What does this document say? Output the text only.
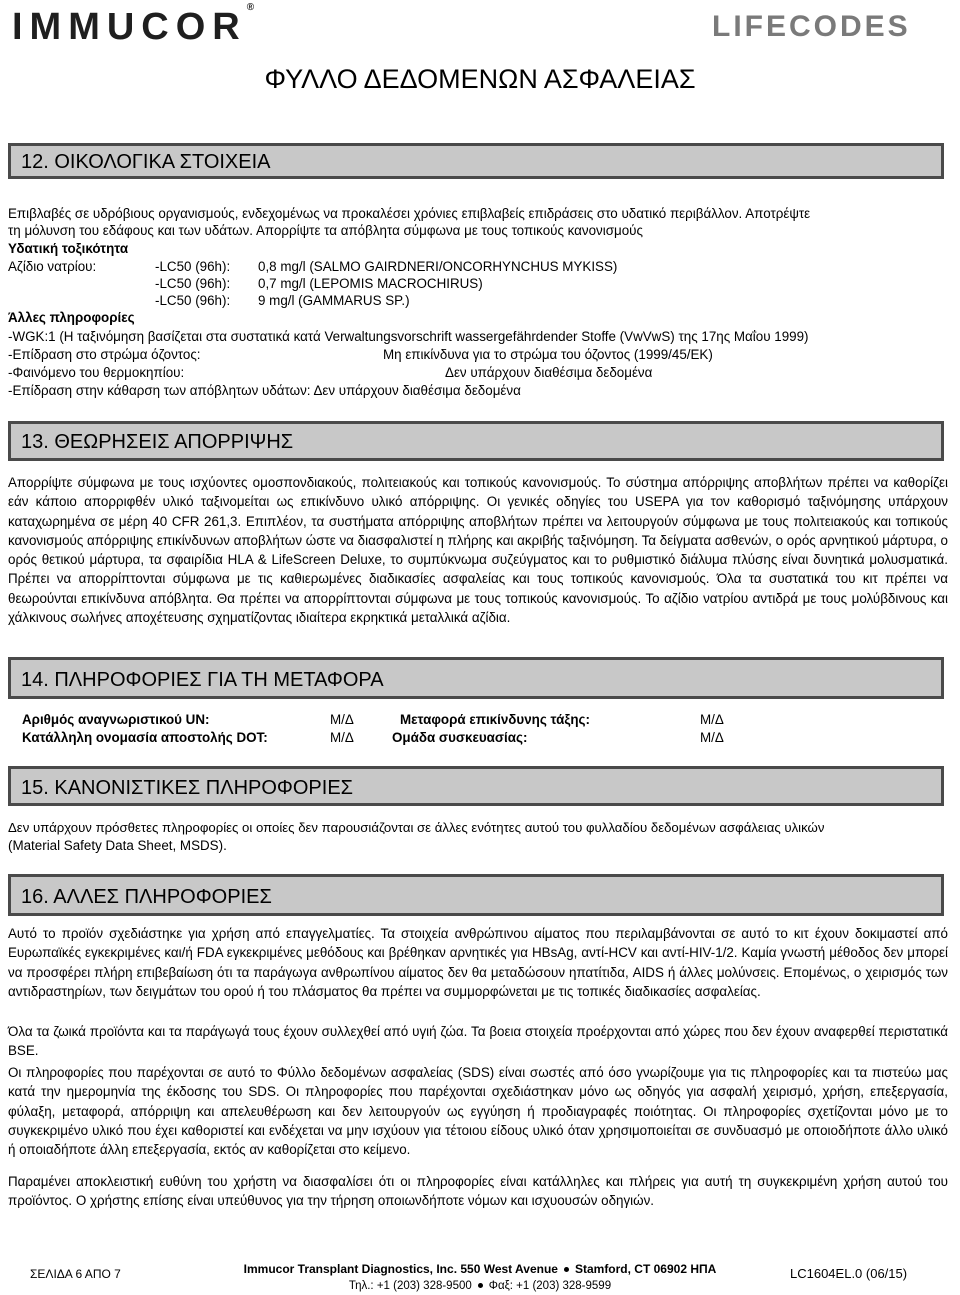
IMMUCOR®
LIFECODES
ΦΥΛΛΟ ΔΕΔΟΜΕΝΩΝ ΑΣΦΑΛΕΙΑΣ
12. ΟΙΚΟΛΟΓΙΚΑ ΣΤΟΙΧΕΙΑ
Επιβλαβές σε υδρόβιους οργανισμούς, ενδεχομένως να προκαλέσει χρόνιες επιβλαβείς επιδράσεις στο υδατικό περιβάλλον. Αποτρέψτε
τη μόλυνση του εδάφους και των υδάτων. Απορρίψτε τα απόβλητα σύμφωνα με τους τοπικούς κανονισμούς
Υδατική τοξικότητα
Αζίδιο νατρίου:	-LC50 (96h): 0,8 mg/l (SALMO GAIRDNERI/ONCORHYNCHUS MYKISS)
-LC50 (96h): 0,7 mg/l (LEPOMIS MACROCHIRUS)
-LC50 (96h): 9 mg/l (GAMMARUS SP.)
Άλλες πληροφορίες
-WGK:1 (Η ταξινόμηση βασίζεται στα συστατικά κατά Verwaltungsvorschrift wassergefährdender Stoffe (VwVwS) της 17ης Μαΐου 1999)
-Επίδραση στο στρώμα όζοντος:	Μη επικίνδυνα για το στρώμα του όζοντος (1999/45/ΕΚ)
-Φαινόμενο του θερμοκηπίου:	Δεν υπάρχουν διαθέσιμα δεδομένα
-Επίδραση στην κάθαρση των απόβλητων υδάτων: Δεν υπάρχουν διαθέσιμα δεδομένα
13. ΘΕΩΡΗΣΕΙΣ ΑΠΟΡΡΙΨΗΣ
Απορρίψτε σύμφωνα με τους ισχύοντες ομοσπονδιακούς, πολιτειακούς και τοπικούς κανονισμούς. Το σύστημα απόρριψης αποβλήτων πρέπει να καθορίζει εάν κάποιο απορριφθέν υλικό ταξινομείται ως επικίνδυνο υλικό απόρριψης. Οι γενικές οδηγίες του USEPA για τον καθορισμό ταξινόμησης υπάρχουν καταχωρημένα σε μέρη 40 CFR 261,3. Επιπλέον, τα συστήματα απόρριψης αποβλήτων πρέπει να λειτουργούν σύμφωνα με τους πολιτειακούς και τοπικούς κανονισμούς απόρριψης επικίνδυνων αποβλήτων ώστε να διασφαλιστεί η πλήρης και ακριβής ταξινόμηση. Τα δείγματα ασθενών, ο ορός αρνητικού μάρτυρα, ο ορός θετικού μάρτυρα, τα σφαιρίδια HLA & LifeScreen Deluxe, το συμπύκνωμα συζεύγματος και το ρυθμιστικό διάλυμα πλύσης είναι δυνητικά μολυσματικά. Πρέπει να απορρίπτονται σύμφωνα με τις καθιερωμένες διαδικασίες ασφαλείας και τους τοπικούς κανονισμούς. Όλα τα συστατικά του κιτ πρέπει να θεωρούνται επικίνδυνα απόβλητα. Θα πρέπει να απορρίπτονται σύμφωνα με τους τοπικούς κανονισμούς. Το αζίδιο νατρίου αντιδρά με τους μολύβδινους και χάλκινους σωλήνες αποχέτευσης σχηματίζοντας ιδιαίτερα εκρηκτικά μεταλλικά αζίδια.
14. ΠΛΗΡΟΦΟΡΙΕΣ ΓΙΑ ΤΗ ΜΕΤΑΦΟΡΑ
Αριθμός αναγνωριστικού UN:	Μ/Δ	Μεταφορά επικίνδυνης τάξης:	Μ/Δ
Κατάλληλη ονομασία αποστολής DOT:	Μ/Δ	Ομάδα συσκευασίας:	Μ/Δ
15. ΚΑΝΟΝΙΣΤΙΚΕΣ ΠΛΗΡΟΦΟΡΙΕΣ
Δεν υπάρχουν πρόσθετες πληροφορίες οι οποίες δεν παρουσιάζονται σε άλλες ενότητες αυτού του φυλλαδίου δεδομένων ασφάλειας υλικών
(Material Safety Data Sheet, MSDS).
16. ΑΛΛΕΣ ΠΛΗΡΟΦΟΡΙΕΣ
Αυτό το προϊόν σχεδιάστηκε για χρήση από επαγγελματίες. Τα στοιχεία ανθρώπινου αίματος που περιλαμβάνονται σε αυτό το κιτ έχουν δοκιμαστεί από Ευρωπαϊκές εγκεκριμένες και/ή FDA εγκεκριμένες μεθόδους και βρέθηκαν αρνητικές για HBsAg, αντί-HCV και αντί-HIV-1/2. Καμία γνωστή μέθοδος δεν μπορεί να προσφέρει πλήρη επιβεβαίωση ότι τα παράγωγα ανθρωπίνου αίματος δεν θα μεταδώσουν ηπατίτιδα, AIDS ή άλλες μολύνσεις. Επομένως, ο χειρισμός των αντιδραστηρίων, των δειγμάτων του ορού ή του πλάσματος θα πρέπει να συμμορφώνεται με τις τοπικές διαδικασίες ασφαλείας.
Όλα τα ζωικά προϊόντα και τα παράγωγά τους έχουν συλλεχθεί από υγιή ζώα. Τα βοεια στοιχεία προέρχονται από χώρες που δεν έχουν αναφερθεί περιστατικά BSE.
Οι πληροφορίες που παρέχονται σε αυτό το Φύλλο δεδομένων ασφαλείας (SDS) είναι σωστές από όσο γνωρίζουμε για τις πληροφορίες και τα πιστεύω μας κατά την ημερομηνία της έκδοσης του SDS. Οι πληροφορίες που παρέχονται σχεδιάστηκαν μόνο ως οδηγός για ασφαλή χειρισμό, χρήση, επεξεργασία, φύλαξη, μεταφορά, απόρριψη και απελευθέρωση και δεν λειτουργούν ως εγγύηση ή προδιαγραφές ποιότητας. Οι πληροφορίες σχετίζονται μόνο με το συγκεκριμένο υλικό που έχει καθοριστεί και ενδέχεται να μην ισχύουν για τέτοιου είδους υλικό όταν χρησιμοποιείται σε συνδυασμό με οποιοδήποτε άλλο υλικό ή οποιαδήποτε άλλη επεξεργασία, εκτός αν καθορίζεται στο κείμενο.
Παραμένει αποκλειστική ευθύνη του χρήστη να διασφαλίσει ότι οι πληροφορίες είναι κατάλληλες και πλήρεις για αυτή τη συγκεκριμένη χρήση αυτού του προϊόντος. Ο χρήστης επίσης είναι υπεύθυνος για την τήρηση οποιωνδήποτε νόμων και ισχυουσών οδηγιών.
ΣΕΛΙΔΑ 6 ΑΠΟ 7	Immucor Transplant Diagnostics, Inc. 550 West Avenue Stamford, CT 06902 ΗΠΑ
Τηλ.: +1 (203) 328-9500 Φαξ: +1 (203) 328-9599
LC1604EL.0 (06/15)
